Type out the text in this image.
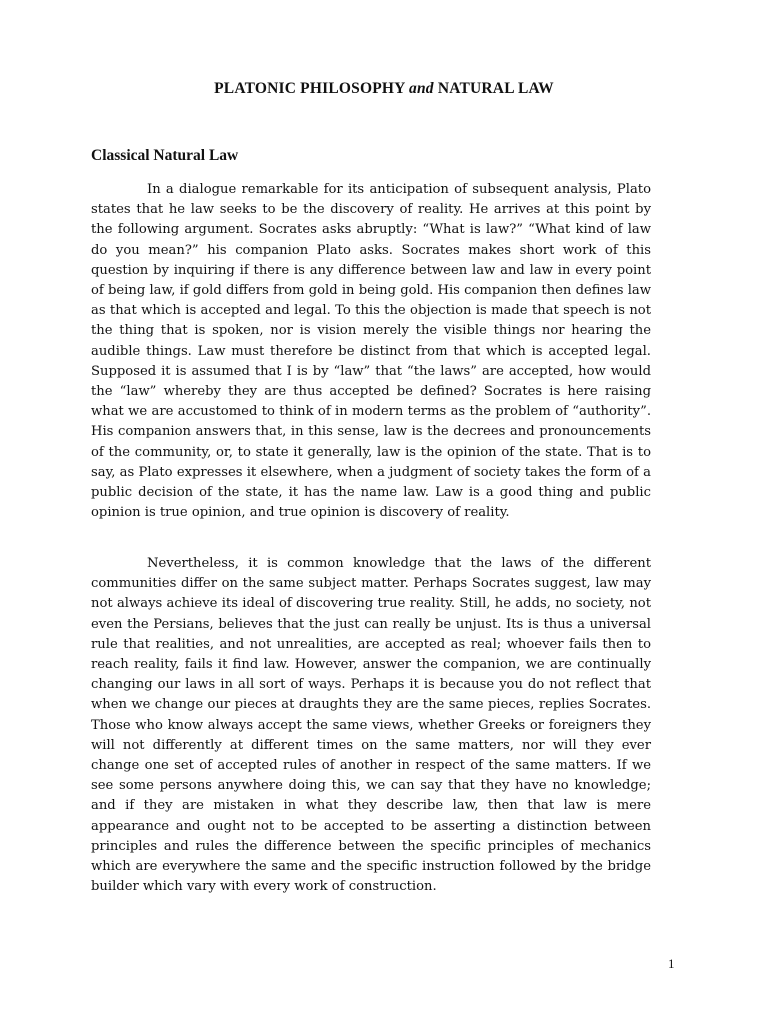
PLATONIC PHILOSOPHY and NATURAL LAW
Classical Natural Law

In a dialogue remarkable for its anticipation of subsequent analysis, Plato states that he law seeks to be the discovery of reality. He arrives at this point by the following argument. Socrates asks abruptly: “What is law?” “What kind of law do you mean?” his companion Plato asks. Socrates makes short work of this question by inquiring if there is any difference between law and law in every point of being law, if gold differs from gold in being gold. His companion then defines law as that which is accepted and legal. To this the objection is made that speech is not the thing that is spoken, nor is vision merely the visible things nor hearing the audible things. Law must therefore be distinct from that which is accepted legal. Supposed it is assumed that I is by “law” that “the laws” are accepted, how would the “law” whereby they are thus accepted be defined? Socrates is here raising what we are accustomed to think of in modern terms as the problem of “authority”. His companion answers that, in this sense, law is the decrees and pronouncements of the community, or, to state it generally, law is the opinion of the state. That is to say, as Plato expresses it elsewhere, when a judgment of society takes the form of a public decision of the state, it has the name law. Law is a good thing and public opinion is true opinion, and true opinion is discovery of reality.

Nevertheless, it is common knowledge that the laws of the different communities differ on the same subject matter. Perhaps Socrates suggest, law may not always achieve its ideal of discovering true reality. Still, he adds, no society, not even the Persians, believes that the just can really be unjust. Its is thus a universal rule that realities, and not unrealities, are accepted as real; whoever fails then to reach reality, fails it find law. However, answer the companion, we are continually changing our laws in all sort of ways. Perhaps it is because you do not reflect that when we change our pieces at draughts they are the same pieces, replies Socrates. Those who know always accept the same views, whether Greeks or foreigners they will not differently at different times on the same matters, nor will they ever change one set of accepted rules of another in respect of the same matters. If we see some persons anywhere doing this, we can say that they have no knowledge; and if they are mistaken in what they describe law, then that law is mere appearance and ought not to be accepted to be asserting a distinction between principles and rules the difference between the specific principles of mechanics which are everywhere the same and the specific instruction followed by the bridge builder which vary with every work of construction.

1
